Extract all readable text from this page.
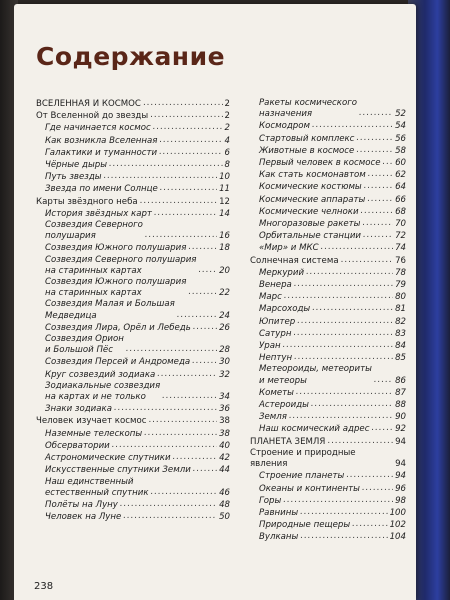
Содержание
ВСЕЛЕННАЯ И КОСМОС .....	2
От Вселенной до звезды .....	2
Где начинается космос .....	2
Как возникла Вселенная .....	4
Галактики и туманности .....	6
Чёрные дыры .....	8
Путь звезды .....	10
Звезда по имени Солнце .....	11
Карты звёздного неба .....	12
История звёздных карт .....	14
Созвездия Северного
полушария .....	16
Созвездия Южного полушария .....	18
Созвездия Северного полушария
на старинных картах .....	20
Созвездия Южного полушария
на старинных картах .....	22
Созвездия Малая и Большая
Медведица .....	24
Созвездия Лира, Орёл и Лебедь .....	26
Созвездия Орион
и Большой Пёс .....	28
Созвездия Персей и Андромеда .....	30
Круг созвездий зодиака .....	32
Зодиакальные созвездия
на картах и не только .....	34
Знаки зодиака .....	36
Человек изучает космос .....	38
Наземные телескопы .....	38
Обсерватории .....	40
Астрономические спутники .....	42
Искусственные спутники Земли .....	44
Наш единственный
естественный спутник .....	46
Полёты на Луну .....	48
Человек на Луне .....	50
Ракеты космического
назначения .....	52
Космодром .....	54
Стартовый комплекс .....	56
Животные в космосе .....	58
Первый человек в космосе ..... 60
Как стать космонавтом .....	62
Космические костюмы .....	64
Космические аппараты .....	66
Космические челноки .....	68
Многоразовые ракеты .....	70
Орбитальные станции .....	72
«Мир» и МКС .....	74
Солнечная система .....	76
Меркурий .....	78
Венера .....	79
Марс .....	80
Марсоходы .....	81
Юпитер .....	82
Сатурн .....	83
Уран .....	84
Нептун .....	85
Метеороиды, метеориты
и метеоры .....	86
Кометы .....	87
Астероиды .....	88
Земля .....	90
Наш космический адрес .....	92
ПЛАНЕТА ЗЕМЛЯ .....	94
Строение и природные явления	94
Строение планеты .....	94
Океаны и континенты .....	96
Горы .....	98
Равнины .....	100
Природные пещеры .....	102
Вулканы .....	104
238
